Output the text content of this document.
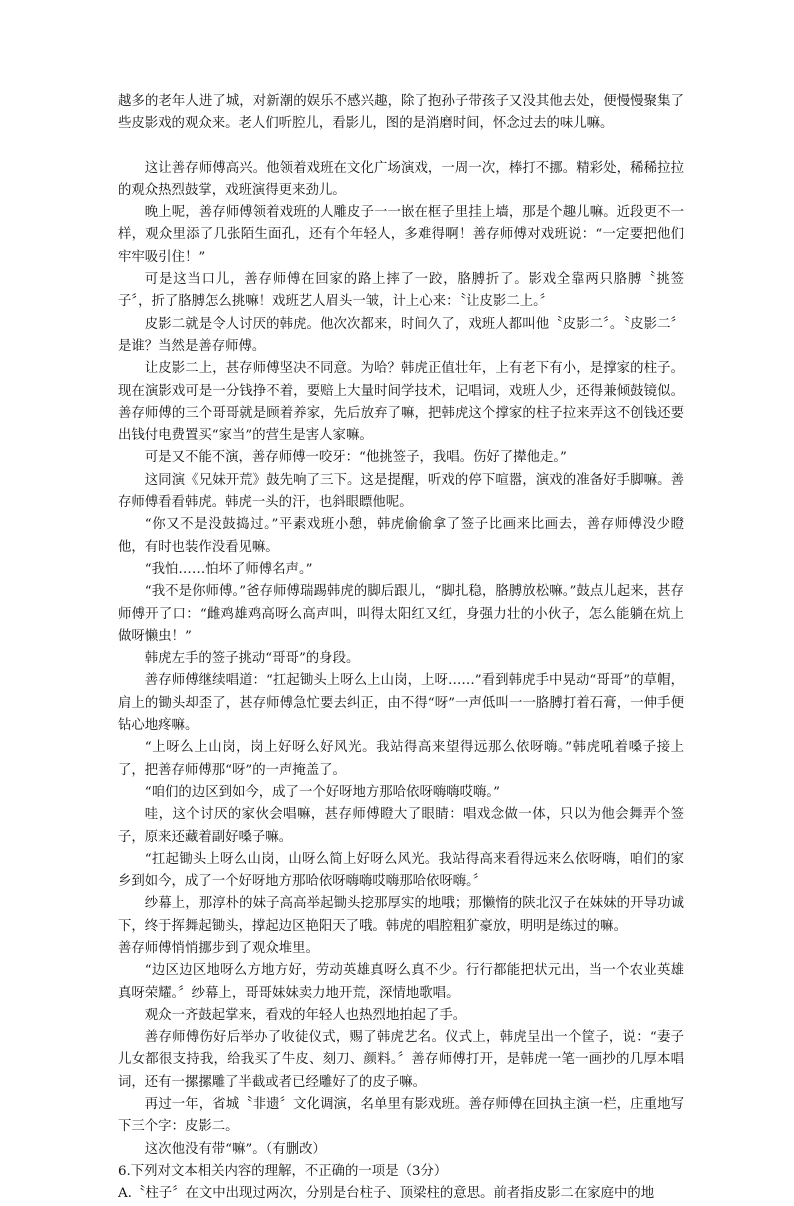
越多的老年人进了城，对新潮的娱乐不感兴趣，除了抱孙子带孩子又没其他去处，便慢慢聚集了些皮影戏的观众来。老人们听腔儿，看影儿，图的是消磨时间，怀念过去的味儿嘛。

这让善存师傅高兴。他领着戏班在文化广场演戏，一周一次，棒打不挪。精彩处，稀稀拉拉的观众热烈鼓掌，戏班演得更来劲儿。

晚上呢，善存师傅领着戏班的人雕皮子一一嵌在框子里挂上墙，那是个趣儿嘛。近段更不一样，观众里添了几张陌生面孔，还有个年轻人，多难得啊！善存师傅对戏班说：“一定要把他们牢牢吸引住！”

可是这当口儿，善存师傅在回家的路上摔了一跤，胳膊折了。影戏全靠两只胳膊〝挑签子〞，折了胳膊怎么挑嘛！戏班艺人眉头一皱，计上心来：〝让皮影二上。〞

皮影二就是令人讨厌的韩虎。他次次都来，时间久了，戏班人都叫他〝皮影二〞。〝皮影二〞是谁？当然是善存师傅。

让皮影二上，甚存师傅坚决不同意。为哈？韩虎正值壮年，上有老下有小，是撑家的柱子。现在演影戏可是一分钱挣不着，要赔上大量时间学技术，记唱词，戏班人少，还得兼倾鼓镜似。善存师傅的三个哥哥就是顾着养家，先后放弃了嘛，把韩虎这个撑家的柱子拉来弄这不创钱还要出钱付电费置买“家当”的营生是害人家嘛。

可是又不能不演，善存师傅一咬牙：“他挑签子，我唱。伤好了撵他走。”

这同演《兄妹开荒》鼓先响了三下。这是提醒，听戏的停下喧嚣，演戏的准备好手脚嘛。善存师傅看看韩虎。韩虎一头的汗，也斜眼瞟他呢。

“你又不是没鼓捣过。”平素戏班小憩，韩虎偷偷拿了签子比画来比画去，善存师傅没少瞪他，有时也装作没看见嘛。

“我怕……怕坏了师傅名声。”

“我不是你师傅。”爸存师傅瑞踢韩虎的脚后跟儿，“脚扎稳，胳膊放松嘛。”鼓点儿起来，甚存师傅开了口：“雌鸡雄鸡高呀么高声叫，叫得太阳红又红，身强力壮的小伙子，怎么能躺在炕上做呀懒虫！”

韩虎左手的签子挑动“哥哥”的身段。

善存师傅继续唱道：“扛起锄头上呀么上山岗，上呀……”看到韩虎手中晃动“哥哥”的草帽，肩上的锄头却歪了，甚存师傅急忙要去纠正，由不得“呀”一声低叫一一胳膊打着石膏，一伸手便钻心地疼嘛。

“上呀么上山岗，岗上好呀么好风光。我站得高来望得远那么依呀嗨。”韩虎吼着嗓子接上了，把善存师傅那“呀”的一声掩盖了。

“咱们的边区到如今，成了一个好呀地方那哈依呀嗨嗨哎嗨。”

哇，这个讨厌的家伙会唱嘛，甚存师傅瞪大了眼睛：唱戏念做一体，只以为他会舞弄个签子，原来还藏着副好嗓子嘛。

“扛起锄头上呀么山岗，山呀么简上好呀么风光。我站得高来看得远来么依呀嗨，咱们的家乡到如今，成了一个好呀地方那哈依呀嗨嗨哎嗨那哈依呀嗨。〞

纱幕上，那淳朴的妹子高高举起锄头挖那厚实的地哦；那懒惰的陕北汉子在妹妹的开导功诚下，终于挥舞起锄头，撑起边区艳阳天了哦。韩虎的唱腔粗犷豪放，明明是练过的嘛。

善存师傅悄悄挪步到了观众堆里。

“边区边区地呀么方地方好，劳动英雄真呀么真不少。行行都能把状元出，当一个农业英雄真呀荣耀。〞纱幕上，哥哥妹妹卖力地开荒，深情地歌唱。

观众一齐鼓起掌来，看戏的年轻人也热烈地拍起了手。

善存师傅伤好后举办了收徒仪式，赐了韩虎艺名。仪式上，韩虎呈出一个筐子，说：“妻子儿女都很支持我，给我买了牛皮、刻刀、颜料。〞善存师傅打开，是韩虎一笔一画抄的几厚本唱词，还有一摞摞雕了半截或者已经雕好了的皮子嘛。

再过一年，省城〝非遗〞文化调演，名单里有影戏班。善存师傅在回执主演一栏，庄重地写下三个字：皮影二。

这次他没有带“嘛”。（有删改）

6.下列对文本相关内容的理解，不正确的一项是（3分）

A.〝柱子〞在文中出现过两次，分别是台柱子、顶梁柱的意思。前者指皮影二在家庭中的地
